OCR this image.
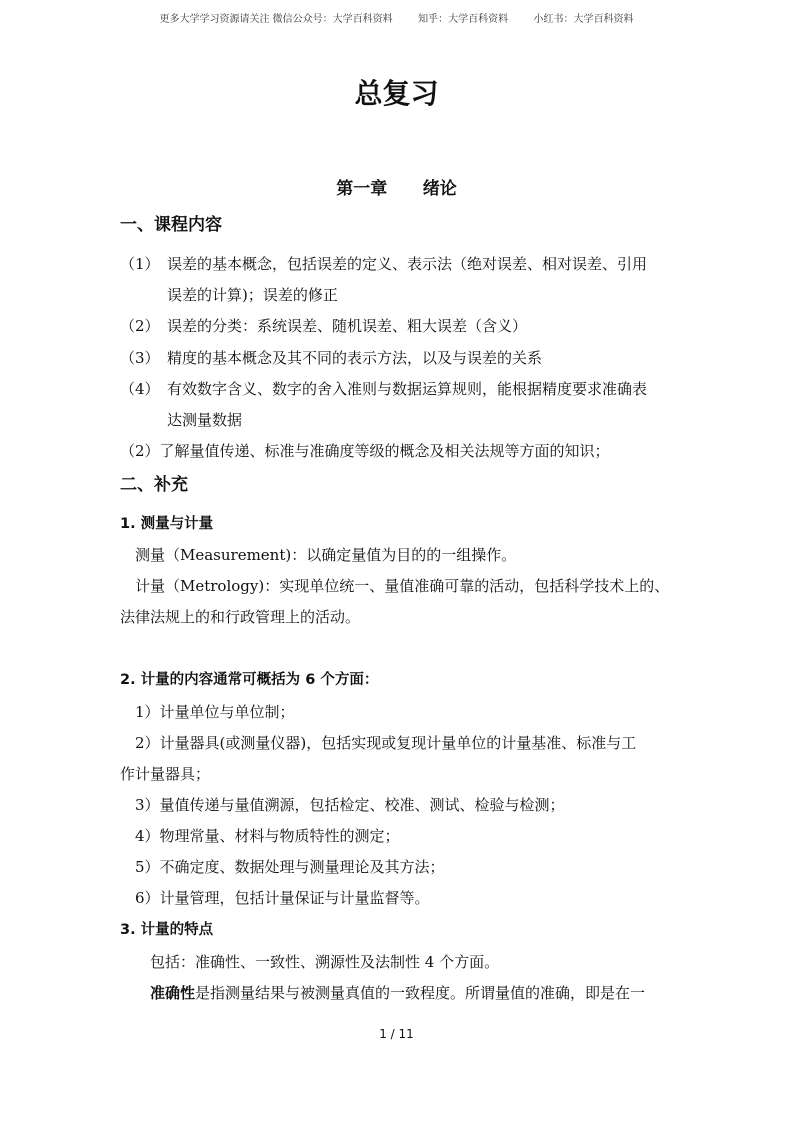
更多大学学习资源请关注 微信公众号：大学百科资料        知乎：大学百科资料        小红书：大学百科资料
总复习
第一章      绪论
一、课程内容
（1） 误差的基本概念，包括误差的定义、表示法（绝对误差、相对误差、引用
误差的计算)；误差的修正
（2） 误差的分类：系统误差、随机误差、粗大误差（含义）
（3） 精度的基本概念及其不同的表示方法，以及与误差的关系
（4） 有效数字含义、数字的舍入准则与数据运算规则，能根据精度要求准确表
达测量数据
（2）了解量值传递、标准与准确度等级的概念及相关法规等方面的知识；
二、补充
1. 测量与计量
测量（Measurement)：以确定量值为目的的一组操作。
计量（Metrology)：实现单位统一、量值准确可靠的活动，包括科学技术上的、
法律法规上的和行政管理上的活动。
2. 计量的内容通常可概括为 6 个方面：
1）计量单位与单位制；
2）计量器具(或测量仪器)，包括实现或复现计量单位的计量基准、标准与工
作计量器具；
3）量值传递与量值溯源，包括检定、校准、测试、检验与检测；
4）物理常量、材料与物质特性的测定；
5）不确定度、数据处理与测量理论及其方法；
6）计量管理，包括计量保证与计量监督等。
3. 计量的特点
包括：准确性、一致性、溯源性及法制性 4 个方面。
准确性是指测量结果与被测量真值的一致程度。所谓量值的准确，即是在一
1 / 11
